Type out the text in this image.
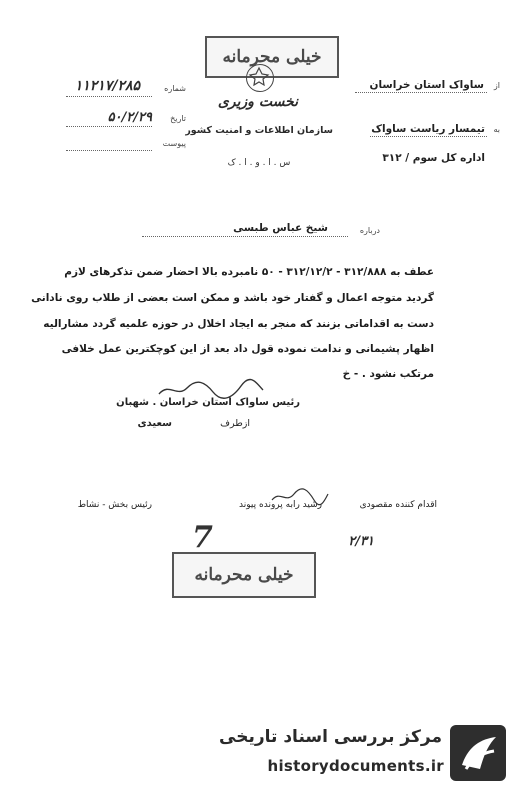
خیلی محرمانه
نخست وزیری
سازمان اطلاعات و امنیت کشور
س . ا . و . ا . ک
۱۱۲۱۷/۲۸۵	شماره
۵۰/۲/۲۹	تاریخ
پیوست
از
ساواک استان خراسان
به
تیمسار ریاست ساواک
اداره کل سوم / ۳۱۲
درباره
شیخ عباس طبسی
عطف به ۳۱۲/۸۸۸ - ۳۱۲/۱۲/۲ - ۵۰ نامبرده بالا احضار ضمن تذکرهای لازم
گردید متوجه اعمال و گفتار خود باشد و ممکن است بعضی از طلاب روی نادانی
دست به اقداماتی بزنند که منجر به ایجاد اخلال در حوزه علمیه گردد مشارالیه
اظهار پشیمانی و ندامت نموده قول داد بعد از این کوچکترین عمل خلافی
مرتکب نشود . - خ
رئیس ساواک استان خراسان . شهبان
ازطرف
سعیدی
رئیس بخش - نشاط	اقدام کننده مقصودی
رشید رابه پرونده پیوند
۲/۳۱
7
خیلی محرمانه
مرکز بررسی اسناد تاریخی
historydocuments.ir
